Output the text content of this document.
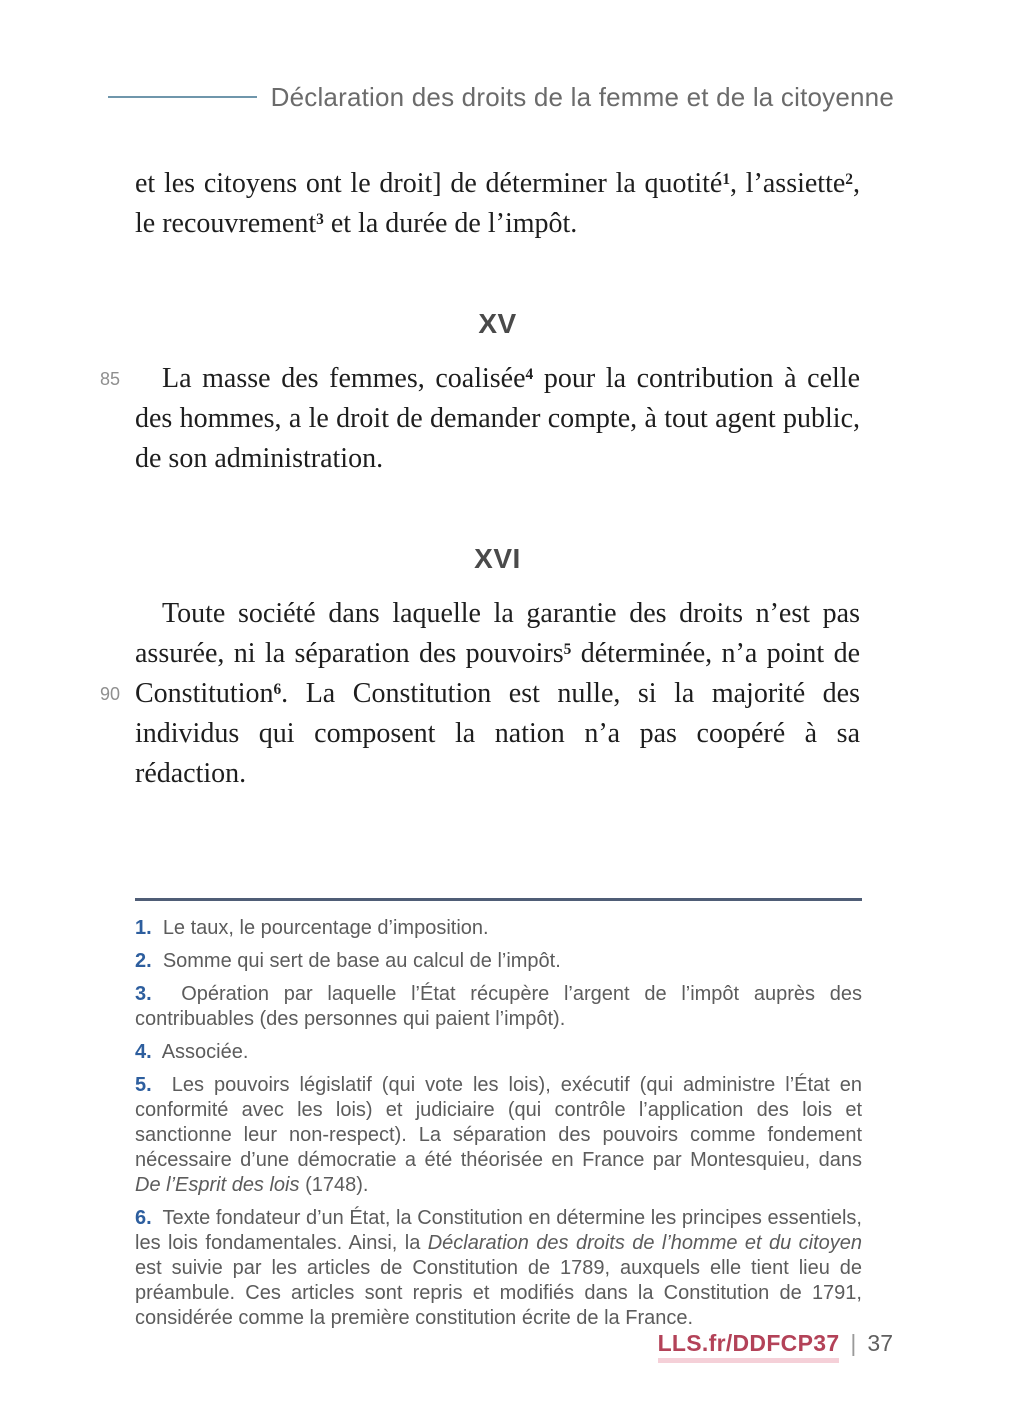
Déclaration des droits de la femme et de la citoyenne

et les citoyens ont le droit] de déterminer la quotité$^1$, l’assiette$^2$, le recouvrement$^3$ et la durée de l’impôt.

XV

85 La masse des femmes, coalisée$^4$ pour la contribution à celle des hommes, a le droit de demander compte, à tout agent public, de son administration.

XVI

90
Toute société dans laquelle la garantie des droits n’est pas assurée, ni la séparation des pouvoirs$^5$ déterminée, n’a point de Constitution$^6$. La Constitution est nulle, si la majorité des individus qui composent la nation n’a pas coopéré à sa rédaction.

1. Le taux, le pourcentage d’imposition.

2. Somme qui sert de base au calcul de l’impôt.

3. Opération par laquelle l’État récupère l’argent de l’impôt auprès des contribuables (des personnes qui paient l’impôt).

4. Associée.

5. Les pouvoirs législatif (qui vote les lois), exécutif (qui administre l’État en conformité avec les lois) et judiciaire (qui contrôle l’application des lois et sanctionne leur non-respect). La séparation des pouvoirs comme fondement nécessaire d’une démocratie a été théorisée en France par Montesquieu, dans De l’Esprit des lois (1748).

6. Texte fondateur d’un État, la Constitution en détermine les principes essentiels, les lois fondamentales. Ainsi, la Déclaration des droits de l’homme et du citoyen est suivie par les articles de Constitution de 1789, auxquels elle tient lieu de préambule. Ces articles sont repris et modifiés dans la Constitution de 1791, considérée comme la première constitution écrite de la France.

LLS.fr/DDFCP37 | 37
